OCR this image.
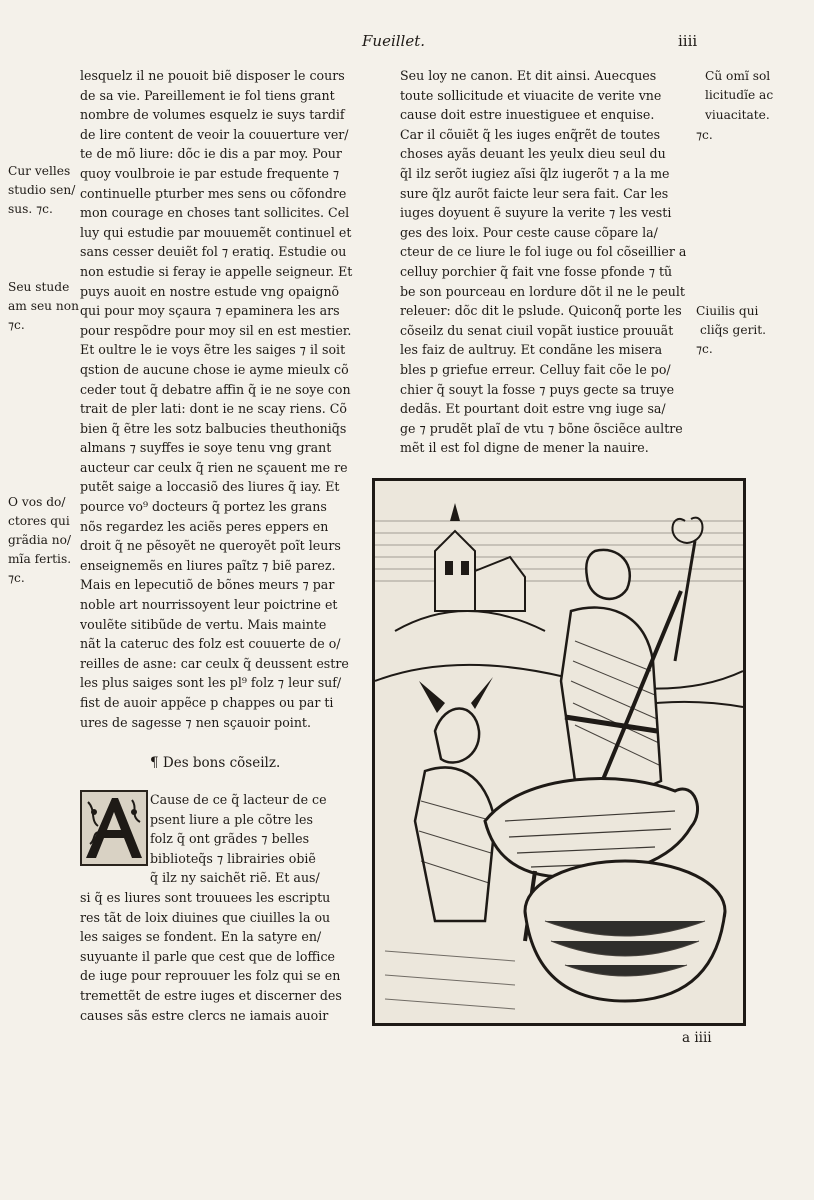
Fueillet.	iiii
lesquelz il ne pouoit biẽ disposer le cours
de sa vie. Pareillement ie fol tiens grant
nombre de volumes esquelz ie suys tardif
de lire content de veoir la couuerture ver/
te de mõ liure: dõc ie dis a par moy. Pour
quoy voulbroie ie par estude frequente ⁊
continuelle pturber mes sens ou cõfondre
mon courage en choses tant sollicites. Cel
luy qui estudie par mouuemẽt continuel et
sans cesser deuiẽt fol ⁊ eratiq. Estudie ou
non estudie si feray ie appelle seigneur. Et
puys auoit en nostre estude vng opaignõ
qui pour moy sçaura ⁊ epaminera les ars
pour respõdre pour moy sil en est mestier.
Et oultre le ie voys ẽtre les saiges ⁊ il soit
qstion de aucune chose ie ayme mieulx cõ
ceder tout q̃ debatre affin q̃ ie ne soye con
trait de pler lati: dont ie ne scay riens. Cõ
bien q̃ ẽtre les sotz balbucies theuthoniq̃s
almans ⁊ suyffes ie soye tenu vng grant
aucteur car ceulx q̃ rien ne sçauent me re
putẽt saige a loccasiõ des liures q̃ iay. Et
pource vo⁹ docteurs q̃ portez les grans
nõs regardez les aciẽs peres eppers en
droit q̃ ne pẽsoyẽt ne queroyẽt poĩt leurs
enseignemẽs en liures paĩtz ⁊ biẽ parez.
Mais en lepecutiõ de bõnes meurs ⁊ par
noble art nourrissoyent leur poictrine et
voulẽte sitibũde de vertu. Mais mainte
nãt la cateruc des folz est couuerte de o/
reilles de asne: car ceulx q̃ deussent estre
les plus saiges sont les pl⁹ folz ⁊ leur suf/
fist de auoir appẽce p chappes ou par ti
ures de sagesse ⁊ nen sçauoir point.
Cur velles
studio sen/
sus. ⁊c.
Seu stude
am seu non
⁊c.
O vos do/
ctores qui
grãdia no/
mĩa fertis.
⁊c.
Seu loy ne canon. Et dit ainsi. Auecques
toute sollicitude et viuacite de verite vne
cause doit estre inuestiguee et enquise.
Car il cõuiẽt q̃ les iuges enq̃rẽt de toutes
choses ayãs deuant les yeulx dieu seul du
q̃l ilz serõt iugiez aĩsi q̃lz iugerõt ⁊ a la me
sure q̃lz aurõt faicte leur sera fait. Car les
iuges doyuent ẽ suyure la verite ⁊ les vesti
ges des loix. Pour ceste cause cõpare la/
cteur de ce liure le fol iuge ou fol cõseillier a
celluy porchier q̃ fait vne fosse pfonde ⁊ tũ
be son pourceau en lordure dõt il ne le peult
releuer: dõc dit le pslude. Quiconq̃ porte les
cõseilz du senat ciuil vopãt iustice prouuãt
les faiz de aultruy. Et condãne les misera
bles p griefue erreur. Celluy fait cõe le po/
chier q̃ souyt la fosse ⁊ puys gecte sa truye
dedãs. Et pourtant doit estre vng iuge sa/
ge ⁊ prudẽt plaĩ de vtu ⁊ bõne õsciẽce aultre
mẽt il est fol digne de mener la nauire.
Cũ omĩ sol
licitudĩe ac
viuacitate.
⁊c.
Ciuilis qui
cliq̃s gerit.
⁊c.
¶ Des bons cõseilz.
Cause de ce q̃ lacteur de ce
psent liure a ple cõtre les
folz q̃ ont grãdes ⁊ belles
biblioteq̃s ⁊ librairies obiẽ
q̃ ilz ny saichẽt riẽ. Et aus/
si q̃ es liures sont trouuees les escriptu
res tãt de loix diuines que ciuilles la ou
les saiges se fondent. En la satyre en/
suyuante il parle que cest que de loffice
de iuge pour reprouuer les folz qui se en
tremettẽt de estre iuges et discerner des
causes sãs estre clercs ne iamais auoir
a iiii
